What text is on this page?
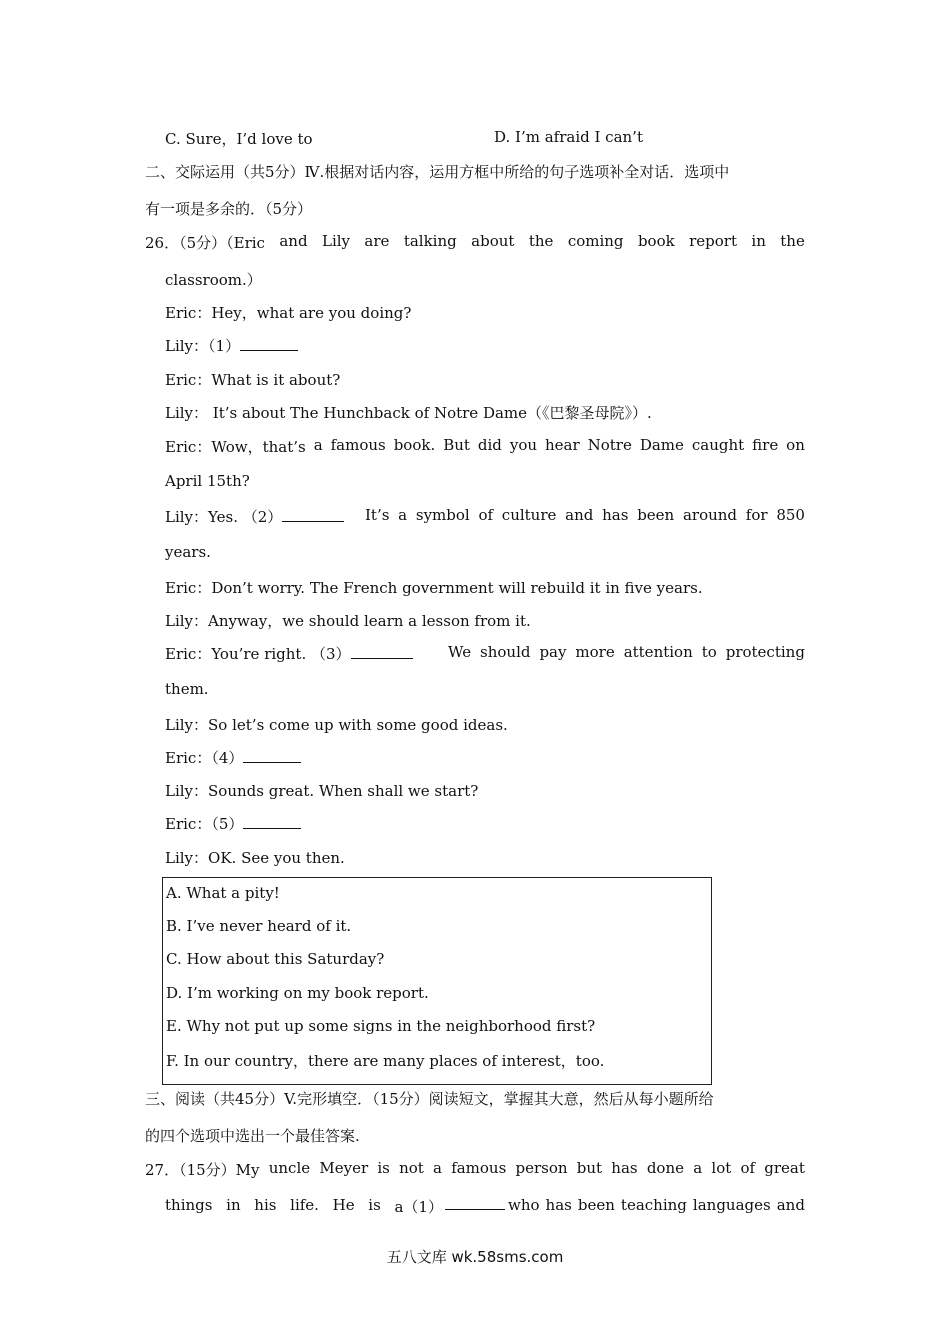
C. Sure，I’d love to	D. I’m afraid I can’t
二、交际运用（共5分）Ⅳ.根据对话内容，运用方框中所给的句子选项补全对话．选项中
有一项是多余的．（5分）
26．（5分）（Eric and Lily are talking about the coming book report in the
classroom.）
Eric：Hey，what are you doing?
Lily：（1）
Eric：What is it about?
Lily： It’s about The Hunchback of Notre Dame（《巴黎圣母院》）.
Eric：Wow，that’s a famous book. But did you hear Notre Dame caught fire on
April 15th?
Lily：Yes. （2）	It’s a symbol of culture and has been around for 850
years.
Eric：Don’t worry. The French government will rebuild it in five years.
Lily：Anyway，we should learn a lesson from it.
Eric：You’re right. （3）	We should pay more attention to protecting
them.
Lily：So let’s come up with some good ideas.
Eric：（4）
Lily：Sounds great. When shall we start?
Eric：（5）
Lily：OK. See you then.
A. What a pity!
B. I’ve never heard of it.
C. How about this Saturday?
D. I’m working on my book report.
E. Why not put up some signs in the neighborhood first?
F. In our country，there are many places of interest，too.
三、阅读（共45分）V.完形填空．（15分）阅读短文，掌握其大意，然后从每小题所给
的四个选项中选出一个最佳答案.
27．（15分）My uncle Meyer is not a famous person but has done a lot of great
things in his life. He is a（1）	who has been teaching languages and
五八文库 wk.58sms.com
